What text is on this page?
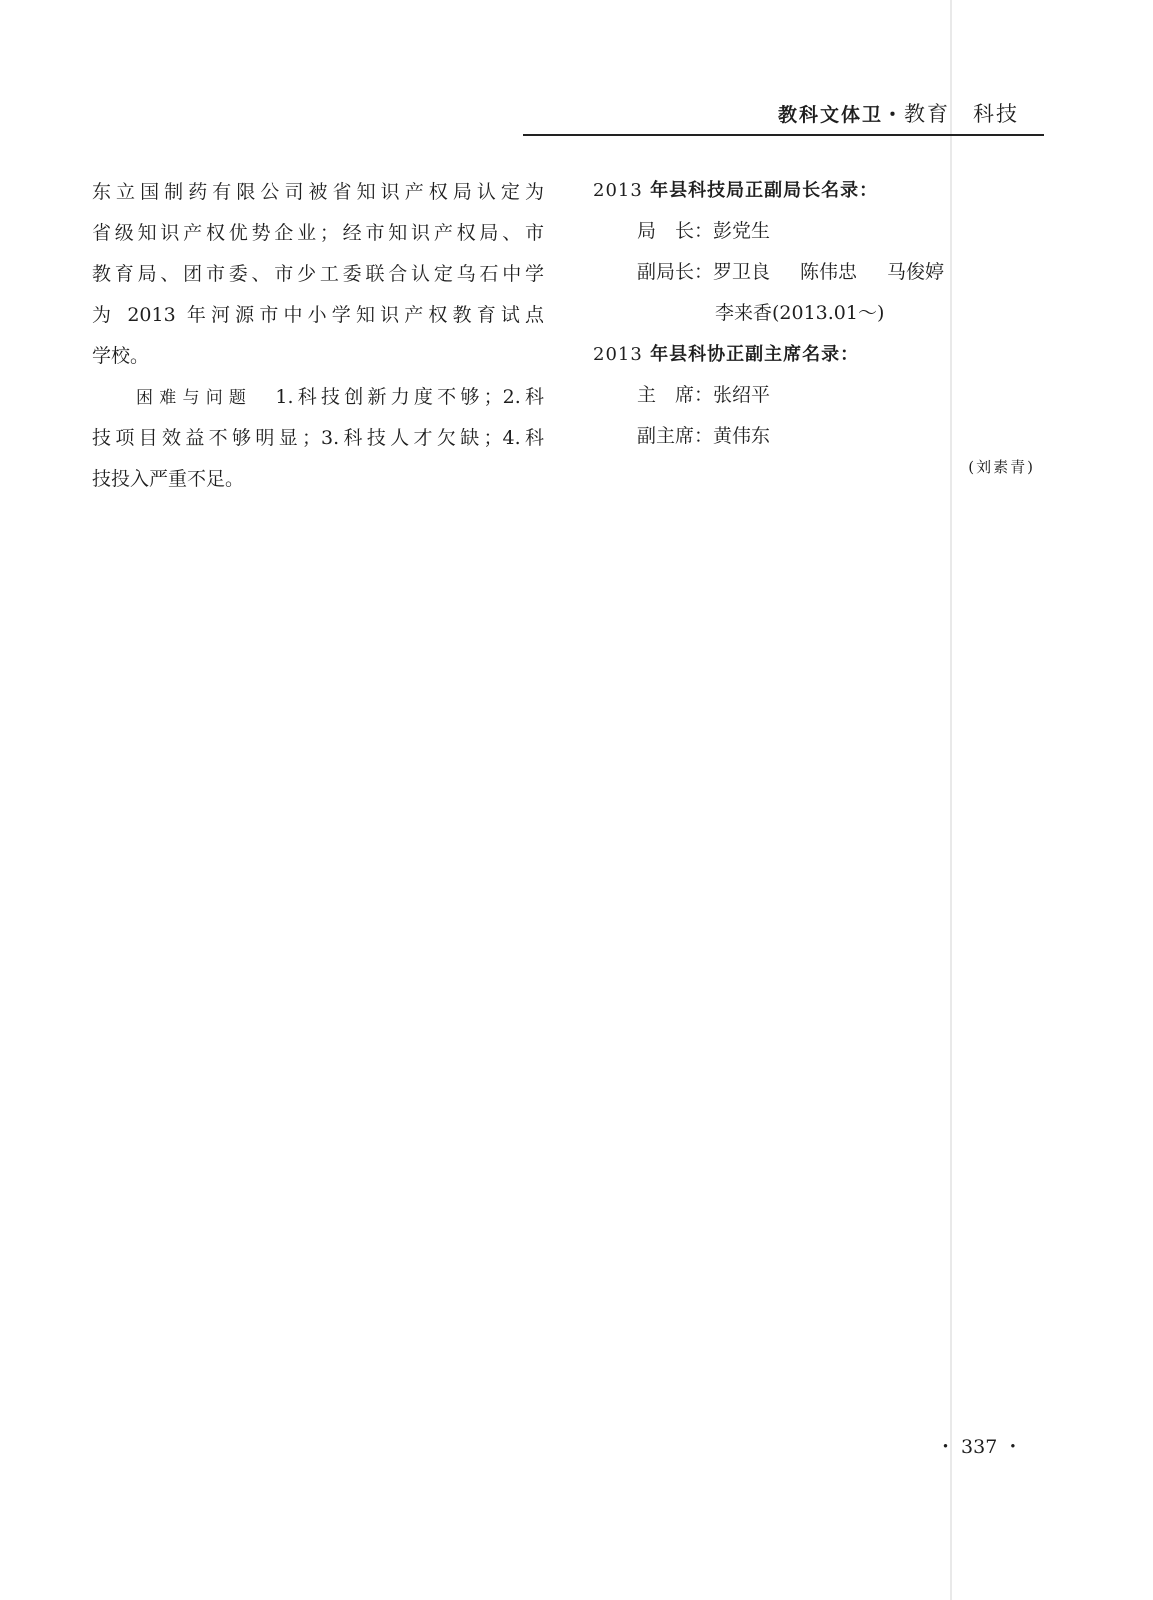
教科文体卫・教育　科技
东立国制药有限公司被省知识产权局认定为
省级知识产权优势企业；经市知识产权局、市
教育局、团市委、市少工委联合认定乌石中学
为 2013 年河源市中小学知识产权教育试点
学校。
困难与问题　 1.科技创新力度不够；2.科
技项目效益不够明显；3.科技人才欠缺；4.科
技投入严重不足。
2013 年县科技局正副局长名录：
局　长：彭党生
副局长：罗卫良 陈伟忠 马俊婷
李来香(2013.01～)
2013 年县科协正副主席名录：
主　席：张绍平
副主席：黄伟东
(刘素青)
・ 337 ・
